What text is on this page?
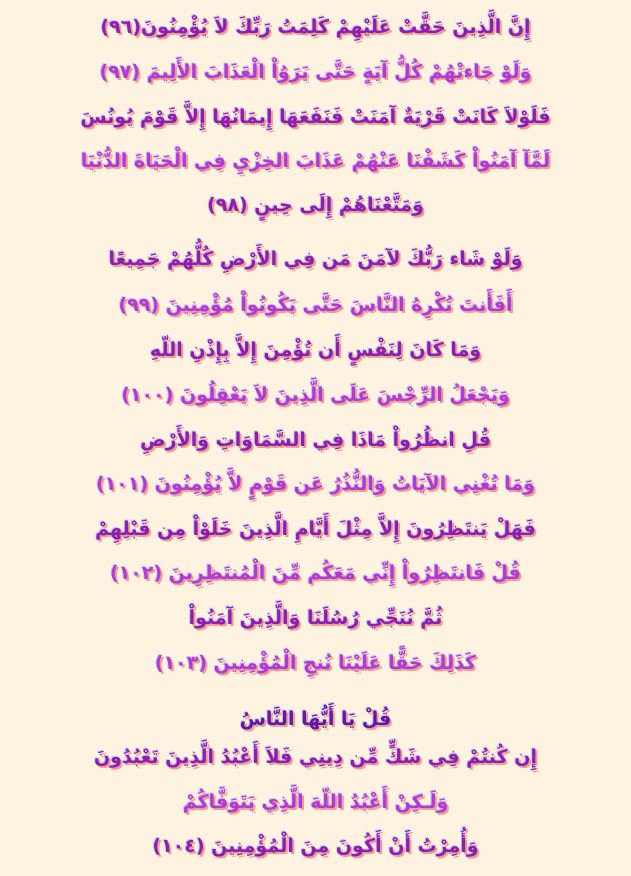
إِنَّ الَّذِينَ حَقَّتْ عَلَيْهِمْ كَلِمَتُ رَبِّكَ لاَ يُؤْمِنُونَ(٩٦)
وَلَوْ جَاءتْهُمْ كُلُّ آيَةٍ حَتَّى يَرَوُاْ الْعَذَابَ الأَلِيمَ (٩٧)
فَلَوْلاَ كَانَتْ قَرْيَةٌ آمَنَتْ فَنَفَعَهَا إِيمَانُهَا إِلاَّ قَوْمَ يُونُسَ
لَمَّآ آمَنُواْ كَشَفْنَا عَنْهُمْ عَذَابَ الخِزْيِ فِي الْحَيَاةَ الدُّنْيَا
وَمَتَّعْنَاهُمْ إِلَى حِينٍ (٩٨)
وَلَوْ شَاء رَبُّكَ لآمَنَ مَن فِي الأَرْضِ كُلُّهُمْ جَمِيعًا
أَفَأَنتَ تُكْرِهُ النَّاسَ حَتَّى يَكُونُواْ مُؤْمِنِينَ (٩٩)
وَمَا كَانَ لِنَفْسٍ أَن تُؤْمِنَ إِلاَّ بِإِذْنِ اللّهِ
وَيَجْعَلُ الرِّجْسَ عَلَى الَّذِينَ لاَ يَعْقِلُونَ (١٠٠)
قُلِ انظُرُواْ مَاذَا فِي السَّمَاوَاتِ وَالأَرْضِ
وَمَا تُغْنِي الآيَاتُ وَالنُّذُرُ عَن قَوْمٍ لاَّ يُؤْمِنُونَ (١٠١)
فَهَلْ يَنتَظِرُونَ إِلاَّ مِثْلَ أَيَّامِ الَّذِينَ خَلَوْاْ مِن قَبْلِهِمْ
قُلْ فَانتَظِرُواْ إِنِّي مَعَكُم مِّنَ الْمُنتَظِرِينَ (١٠٢)
ثُمَّ نُنَجِّي رُسُلَنَا وَالَّذِينَ آمَنُواْ
كَذَلِكَ حَقًّا عَلَيْنَا نُنجِ الْمُؤْمِنِينَ (١٠٣)
قُلْ يَا أَيُّهَا النَّاسُ
إِن كُنتُمْ فِي شَكٍّ مِّن دِينِي فَلاَ أَعْبُدُ الَّذِينَ تَعْبُدُونَ
وَلَـكِنْ أَعْبُدُ اللّهَ الَّذِي يَتَوَفَّاكُمْ
وَأُمِرْتُ أَنْ أَكُونَ مِنَ الْمُؤْمِنِينَ (١٠٤)
